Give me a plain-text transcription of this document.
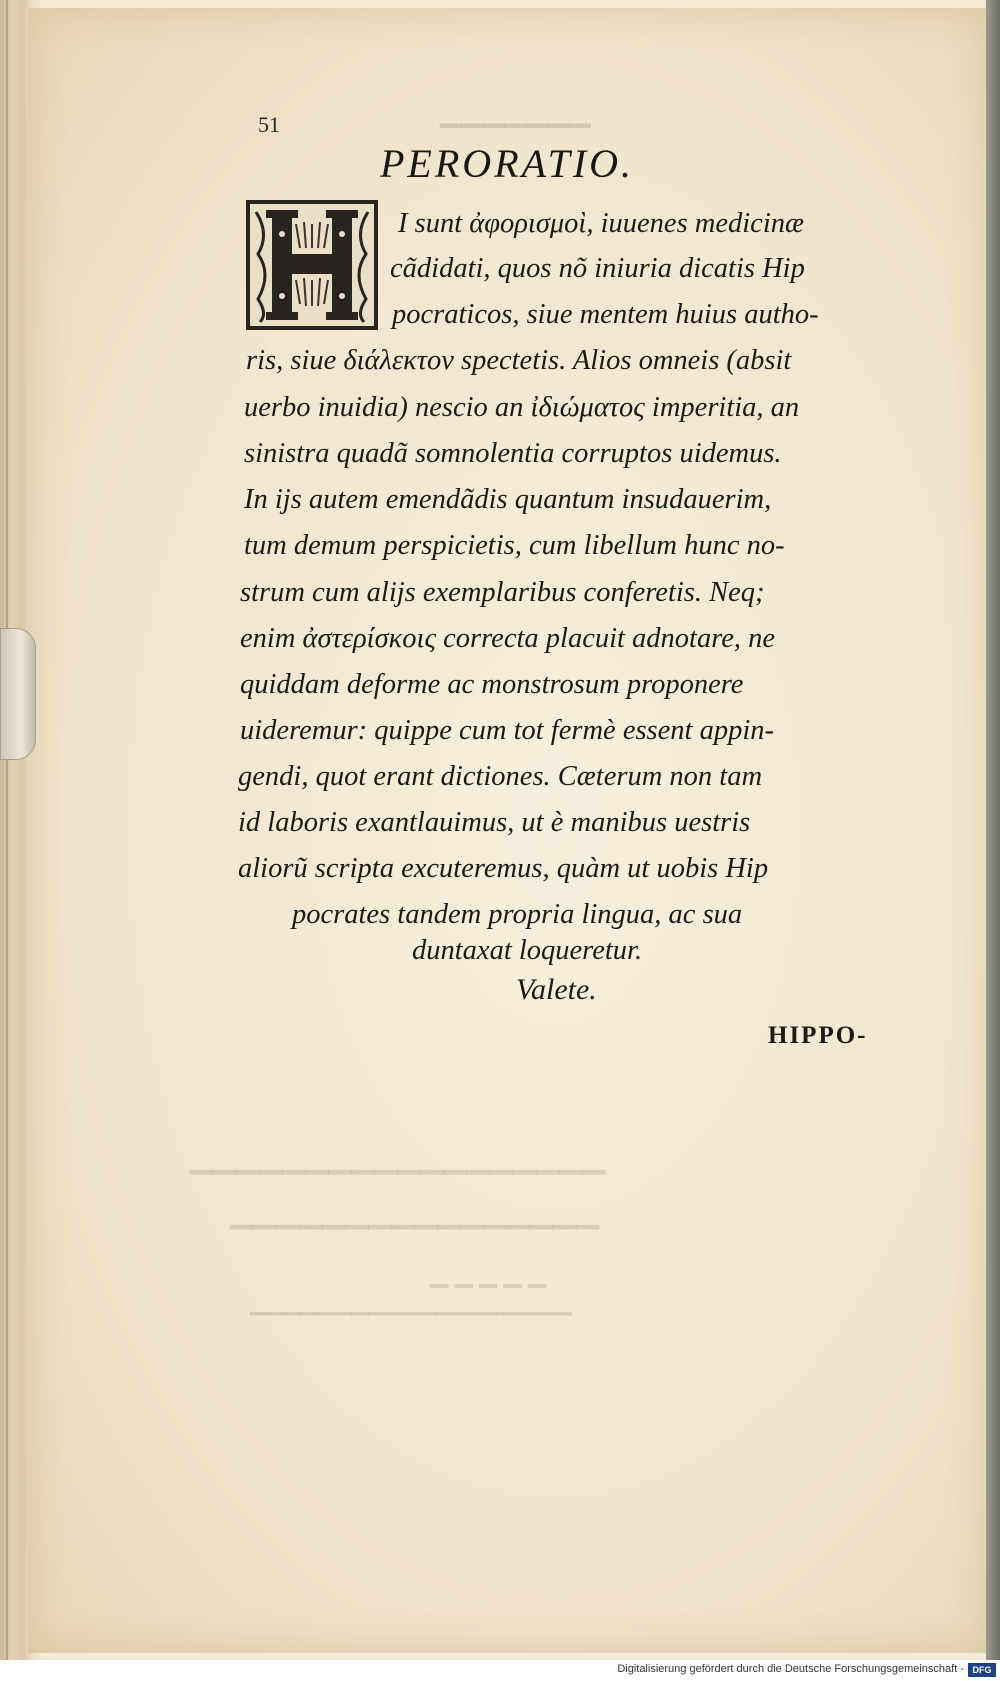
▁▁▁▁▁▁▁
▁▁▁▁▁▁▁▁▁▁▁▁▁▁▁▁▁▁
▁▁▁▁▁▁▁▁▁▁▁▁▁▁▁▁
▁▁▁▁▁
▁▁▁▁▁▁▁▁▁▁▁▁▁▁▁▁▁▁▁
51
PERORATIO.
I sunt ἀφορισμοὶ, iuuenes medicinæ
cãdidati, quos nõ iniuria dicatis Hip
pocraticos, siue mentem huius autho-
ris, siue διάλεκτον spectetis. Alios omneis (absit
uerbo inuidia) nescio an ἰδιώματος imperitia, an
sinistra quadã somnolentia corruptos uidemus.
In ijs autem emendãdis quantum insudauerim,
tum demum perspicietis, cum libellum hunc no-
strum cum alijs exemplaribus conferetis. Neq;
enim ἀστερίσκοις correcta placuit adnotare, ne
quiddam deforme ac monstrosum proponere
uideremur: quippe cum tot fermè essent appin-
gendi, quot erant dictiones. Cæterum non tam
id laboris exantlauimus, ut è manibus uestris
aliorũ scripta excuteremus, quàm ut uobis Hip
pocrates tandem propria lingua, ac sua
duntaxat loqueretur.
Valete.
HIPPO-
Digitalisierung gefördert durch die Deutsche Forschungsgemeinschaft - DFG
